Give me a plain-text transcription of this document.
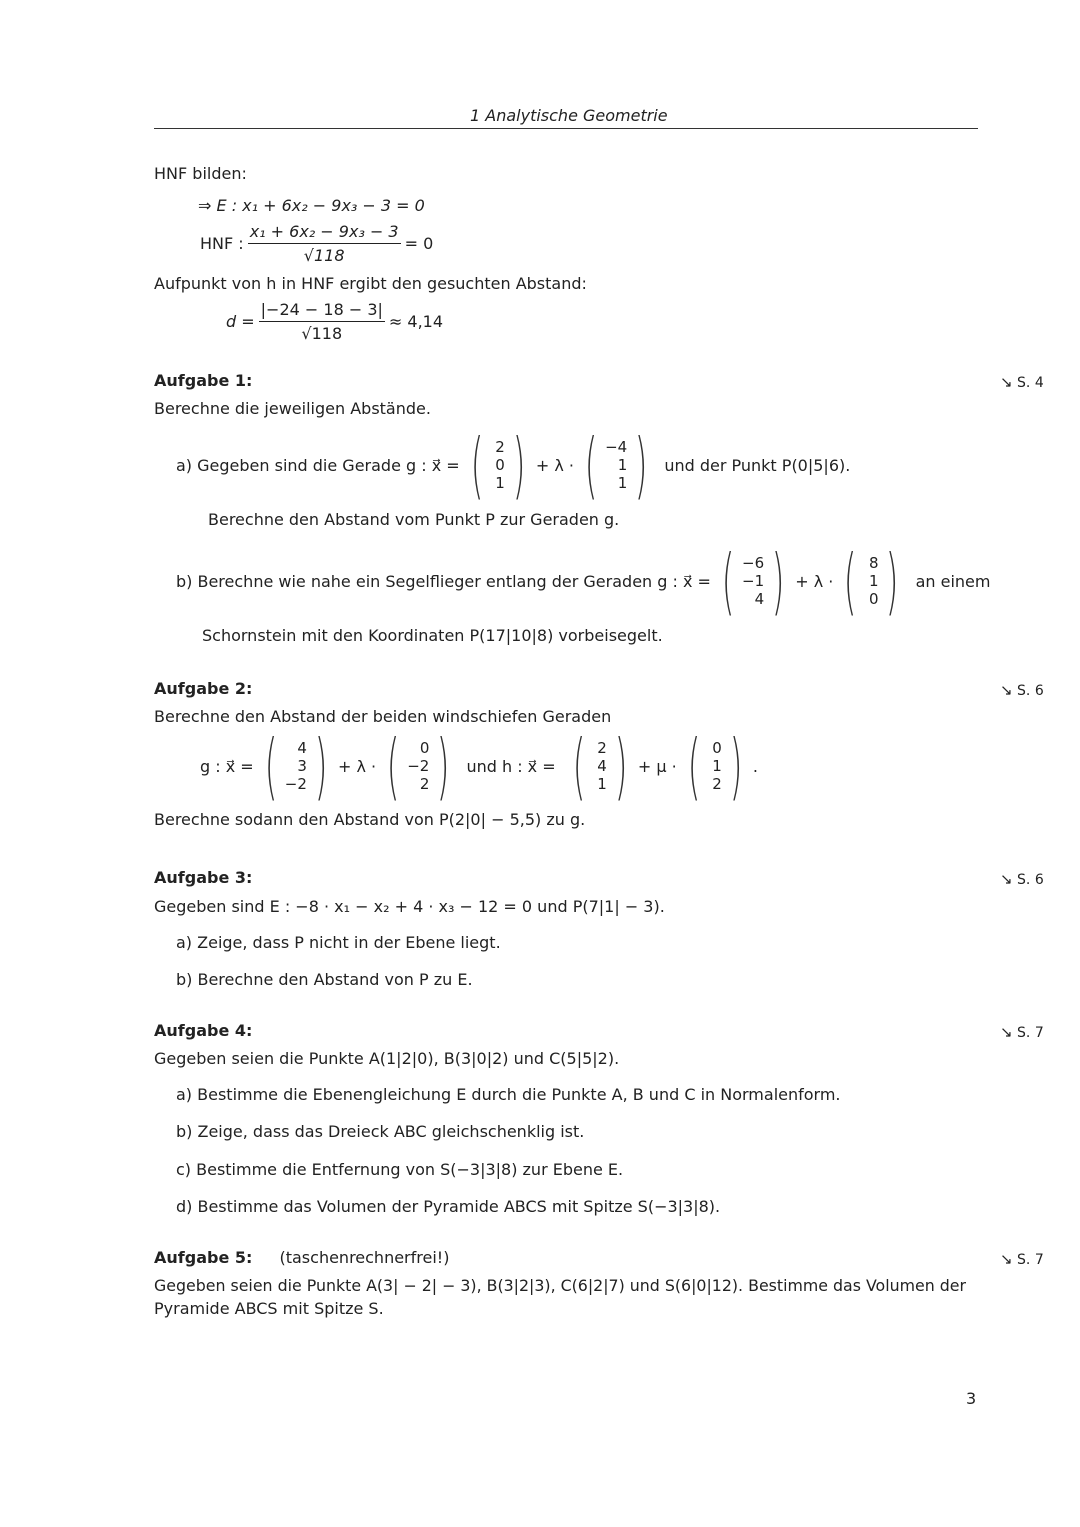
1 Analytische Geometrie
HNF bilden:
⇒ E : x₁ + 6x₂ − 9x₃ − 3 = 0
HNF : $\frac{\text{x₁ + 6x₂ − 9x₃ − 3}}{√118} = 0$
Aufpunkt von h in HNF ergibt den gesuchten Abstand:
$d = \frac{|-24 - 18 - 3|}{√118} \approx 4,14$
Aufgabe 1:	↘ S. 4
Berechne die jeweiligen Abstände.
a) Gegeben sind die Gerade g : x⃗ = ( 2
0
1 ) + λ · ( −4
1
1 ) und der Punkt P(0|5|6).
Berechne den Abstand vom Punkt P zur Geraden g.
b) Berechne wie nahe ein Segelflieger entlang der Geraden g : x⃗ = ( −6
−1
4 ) + λ · ( 8
1
0 ) an einem
Schornstein mit den Koordinaten P(17|10|8) vorbeisegelt.
Aufgabe 2:	↘ S. 6
Berechne den Abstand der beiden windschiefen Geraden
g : x⃗ = ( 4
3
−2 ) + λ · ( 0
−2
2 ) und h : x⃗ = ( 2
4
1 ) + μ · ( 0
1
2 ) .
Berechne sodann den Abstand von P(2|0| − 5,5) zu g.
Aufgabe 3:	↘ S. 6
Gegeben sind E : −8 · x₁ − x₂ + 4 · x₃ − 12 = 0 und P(7|1| − 3).
a) Zeige, dass P nicht in der Ebene liegt.
b) Berechne den Abstand von P zu E.
Aufgabe 4:	↘ S. 7
Gegeben seien die Punkte A(1|2|0), B(3|0|2) und C(5|5|2).
a) Bestimme die Ebenengleichung E durch die Punkte A, B und C in Normalenform.
b) Zeige, dass das Dreieck ABC gleichschenklig ist.
c) Bestimme die Entfernung von S(−3|3|8) zur Ebene E.
d) Bestimme das Volumen der Pyramide ABCS mit Spitze S(−3|3|8).
Aufgabe 5: (taschenrechnerfrei!)	↘ S. 7
Gegeben seien die Punkte A(3| − 2| − 3), B(3|2|3), C(6|2|7) und S(6|0|12). Bestimme das Volumen der
Pyramide ABCS mit Spitze S.
3
